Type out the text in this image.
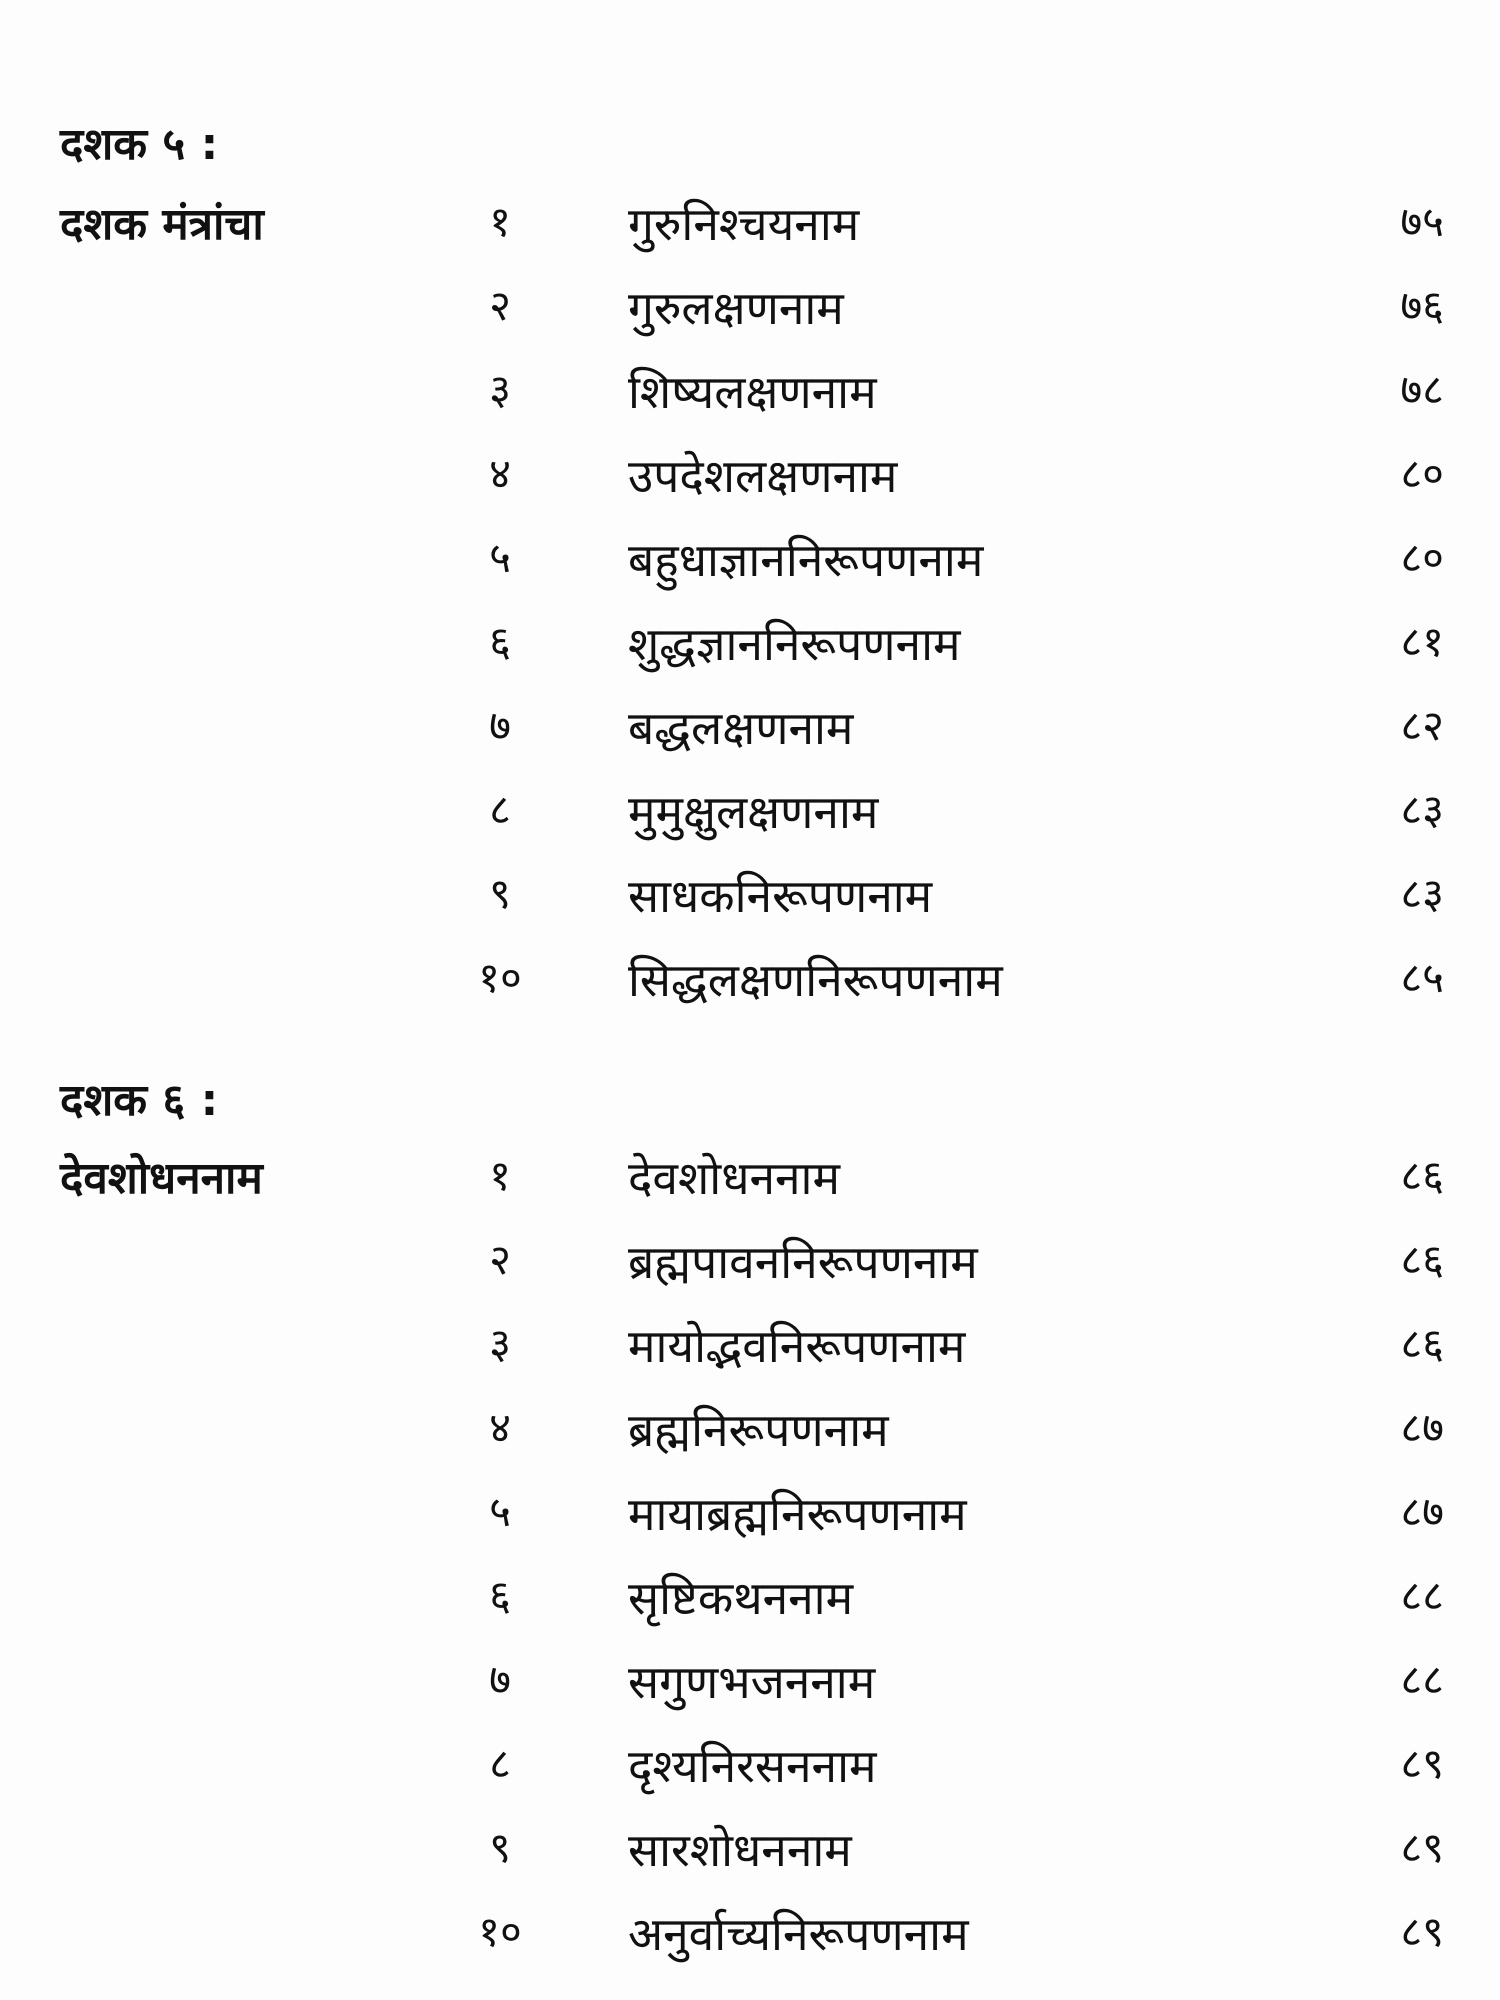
दशक ५ :
दशक मंत्रांचा	१	गुरुनिश्चयनाम	७५
२	गुरुलक्षणनाम	७६
३	शिष्यलक्षणनाम	७८
४	उपदेशलक्षणनाम	८०
५	बहुधाज्ञाननिरूपणनाम	८०
६	शुद्धज्ञाननिरूपणनाम	८१
७	बद्धलक्षणनाम	८२
८	मुमुक्षुलक्षणनाम	८३
९	साधकनिरूपणनाम	८३
१०	सिद्धलक्षणनिरूपणनाम	८५
दशक ६ :
देवशोधननाम	१	देवशोधननाम	८६
२	ब्रह्मपावननिरूपणनाम	८६
३	मायोद्भवनिरूपणनाम	८६
४	ब्रह्मनिरूपणनाम	८७
५	मायाब्रह्मनिरूपणनाम	८७
६	सृष्टिकथननाम	८८
७	सगुणभजननाम	८८
८	दृश्यनिरसननाम	८९
९	सारशोधननाम	८९
१०	अनुर्वाच्यनिरूपणनाम	८९
